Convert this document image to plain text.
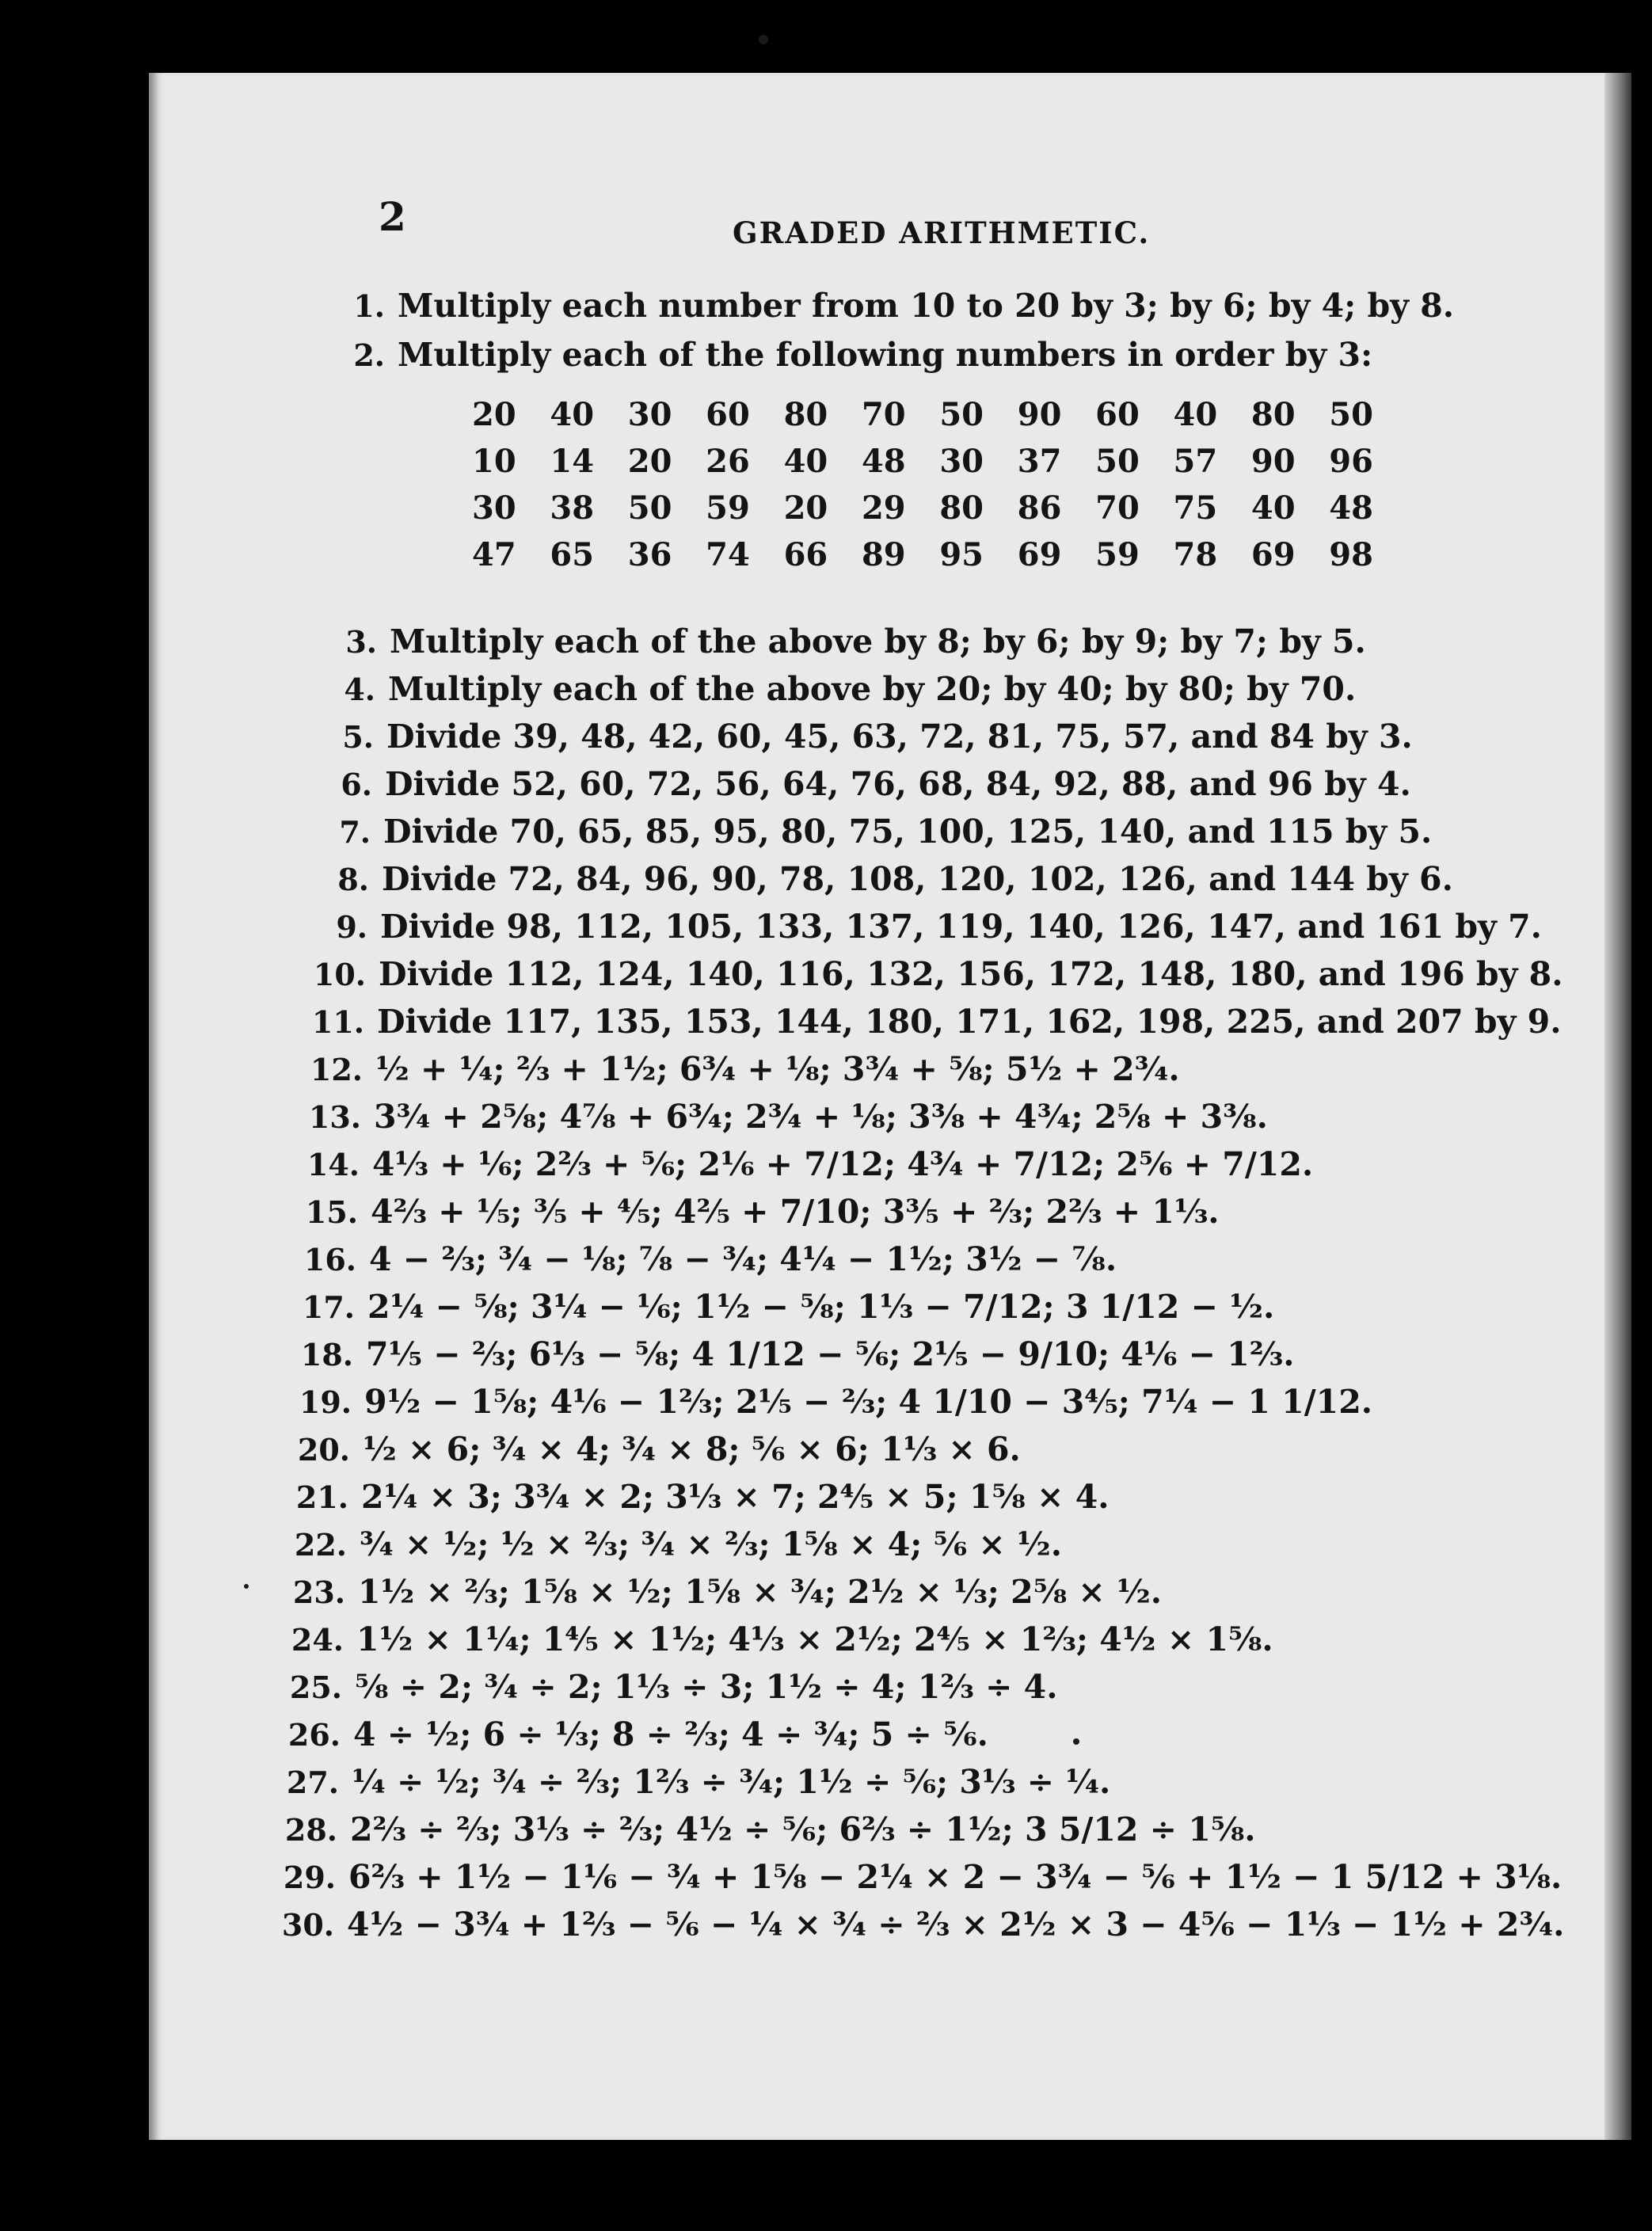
2	GRADED ARITHMETIC.
1. Multiply each number from 10 to 20 by 3; by 6; by 4; by 8.
2. Multiply each of the following numbers in order by 3:
20	40	30	60	80	70	50	90	60	40	80	50
10	14	20	26	40	48	30	37	50	57	90	96
30	38	50	59	20	29	80	86	70	75	40	48
47	65	36	74	66	89	95	69	59	78	69	98
3. Multiply each of the above by 8; by 6; by 9; by 7; by 5.
4. Multiply each of the above by 20; by 40; by 80; by 70.
5. Divide 39, 48, 42, 60, 45, 63, 72, 81, 75, 57, and 84 by 3.
6. Divide 52, 60, 72, 56, 64, 76, 68, 84, 92, 88, and 96 by 4.
7. Divide 70, 65, 85, 95, 80, 75, 100, 125, 140, and 115 by 5.
8. Divide 72, 84, 96, 90, 78, 108, 120, 102, 126, and 144 by 6.
9. Divide 98, 112, 105, 133, 137, 119, 140, 126, 147, and 161 by 7.
10. Divide 112, 124, 140, 116, 132, 156, 172, 148, 180, and 196 by 8.
11. Divide 117, 135, 153, 144, 180, 171, 162, 198, 225, and 207 by 9.
12. ½ + ¼; ⅔ + 1½; 6¾ + ⅛; 3¾ + ⅝; 5½ + 2¾.
13. 3¾ + 2⅝; 4⅞ + 6¾; 2¾ + ⅛; 3⅜ + 4¾; 2⅝ + 3⅜.
14. 4⅓ + ⅙; 2⅔ + ⅚; 2⅙ + 7/12; 4¾ + 7/12; 2⅚ + 7/12.
15. 4⅔ + ⅕; ⅗ + ⅘; 4⅖ + 7/10; 3⅗ + ⅔; 2⅔ + 1⅓.
16. 4 − ⅔; ¾ − ⅛; ⅞ − ¾; 4¼ − 1½; 3½ − ⅞.
17. 2¼ − ⅝; 3¼ − ⅙; 1½ − ⅝; 1⅓ − 7/12; 3 1/12 − ½.
18. 7⅕ − ⅔; 6⅓ − ⅝; 4 1/12 − ⅚; 2⅕ − 9/10; 4⅙ − 1⅔.
19. 9½ − 1⅝; 4⅙ − 1⅔; 2⅕ − ⅔; 4 1/10 − 3⅘; 7¼ − 1 1/12.
20. ½ × 6; ¾ × 4; ¾ × 8; ⅚ × 6; 1⅓ × 6.
21. 2¼ × 3; 3¾ × 2; 3⅓ × 7; 2⅘ × 5; 1⅝ × 4.
22. ¾ × ½; ½ × ⅔; ¾ × ⅔; 1⅝ × 4; ⅚ × ½.
23. 1½ × ⅔; 1⅝ × ½; 1⅝ × ¾; 2½ × ⅓; 2⅝ × ½.
24. 1½ × 1¼; 1⅘ × 1½; 4⅓ × 2½; 2⅘ × 1⅔; 4½ × 1⅝.
25. ⅝ ÷ 2; ¾ ÷ 2; 1⅓ ÷ 3; 1½ ÷ 4; 1⅔ ÷ 4.
26. 4 ÷ ½; 6 ÷ ⅓; 8 ÷ ⅔; 4 ÷ ¾; 5 ÷ ⅚.
27. ¼ ÷ ½; ¾ ÷ ⅔; 1⅔ ÷ ¾; 1½ ÷ ⅚; 3⅓ ÷ ¼.
28. 2⅔ ÷ ⅔; 3⅓ ÷ ⅔; 4½ ÷ ⅚; 6⅔ ÷ 1½; 3 5/12 ÷ 1⅝.
29. 6⅔ + 1½ − 1⅙ − ¾ + 1⅝ − 2¼ × 2 − 3¾ − ⅚ + 1½ − 1 5/12 + 3⅛.
30. 4½ − 3¾ + 1⅔ − ⅚ − ¼ × ¾ ÷ ⅔ × 2½ × 3 − 4⅚ − 1⅓ − 1½ + 2¾.
